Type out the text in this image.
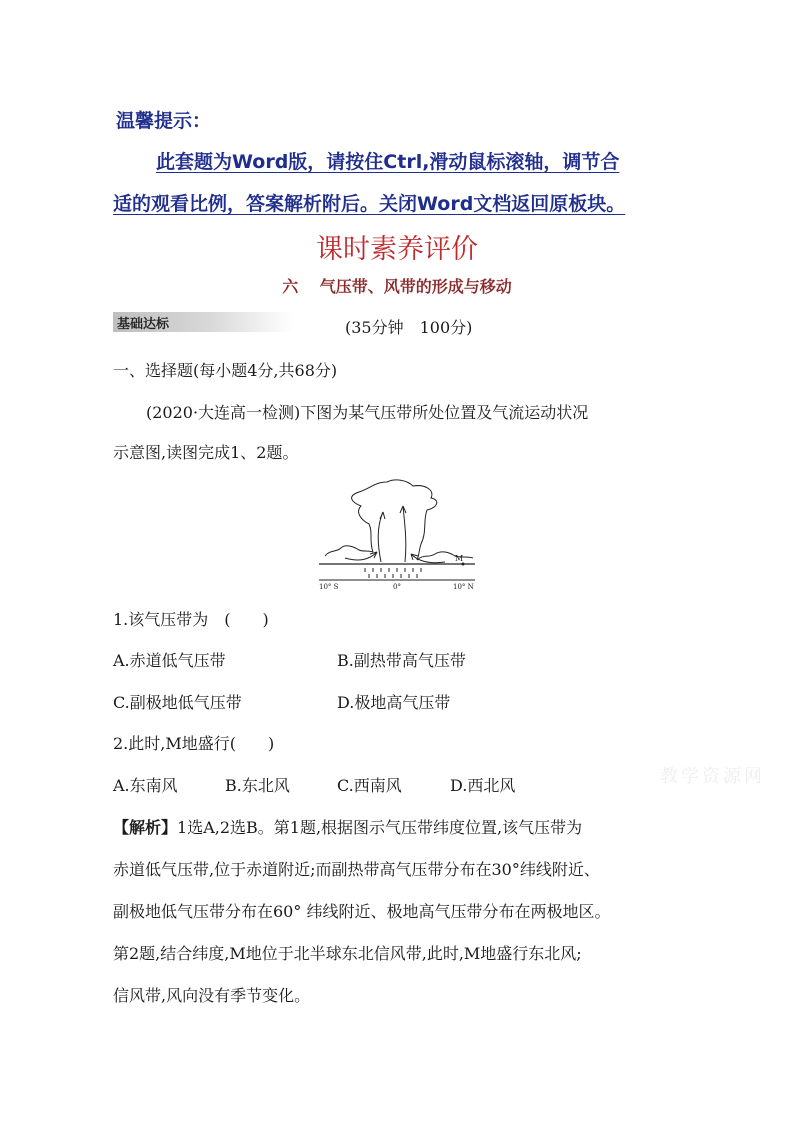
温馨提示：
此套题为Word版，请按住Ctrl,滑动鼠标滚轴，调节合
适的观看比例，答案解析附后。关闭Word文档返回原板块。
课时素养评价
六　 气压带、风带的形成与移动
基础达标	(35分钟　100分)
一、选择题(每小题4分,共68分)
(2020·大连高一检测)下图为某气压带所处位置及气流运动状况
示意图,读图完成1、2题。
M
10° S	0°	10° N
1.该气压带为　(　　)
A.赤道低气压带	B.副热带高气压带
C.副极地低气压带	D.极地高气压带
2.此时,M地盛行(　　)
A.东南风	B.东北风	C.西南风	D.西北风	教学资源网
【解析】1选A,2选B。第1题,根据图示气压带纬度位置,该气压带为
赤道低气压带,位于赤道附近;而副热带高气压带分布在30°纬线附近、
副极地低气压带分布在60° 纬线附近、极地高气压带分布在两极地区。
第2题,结合纬度,M地位于北半球东北信风带,此时,M地盛行东北风;
信风带,风向没有季节变化。
